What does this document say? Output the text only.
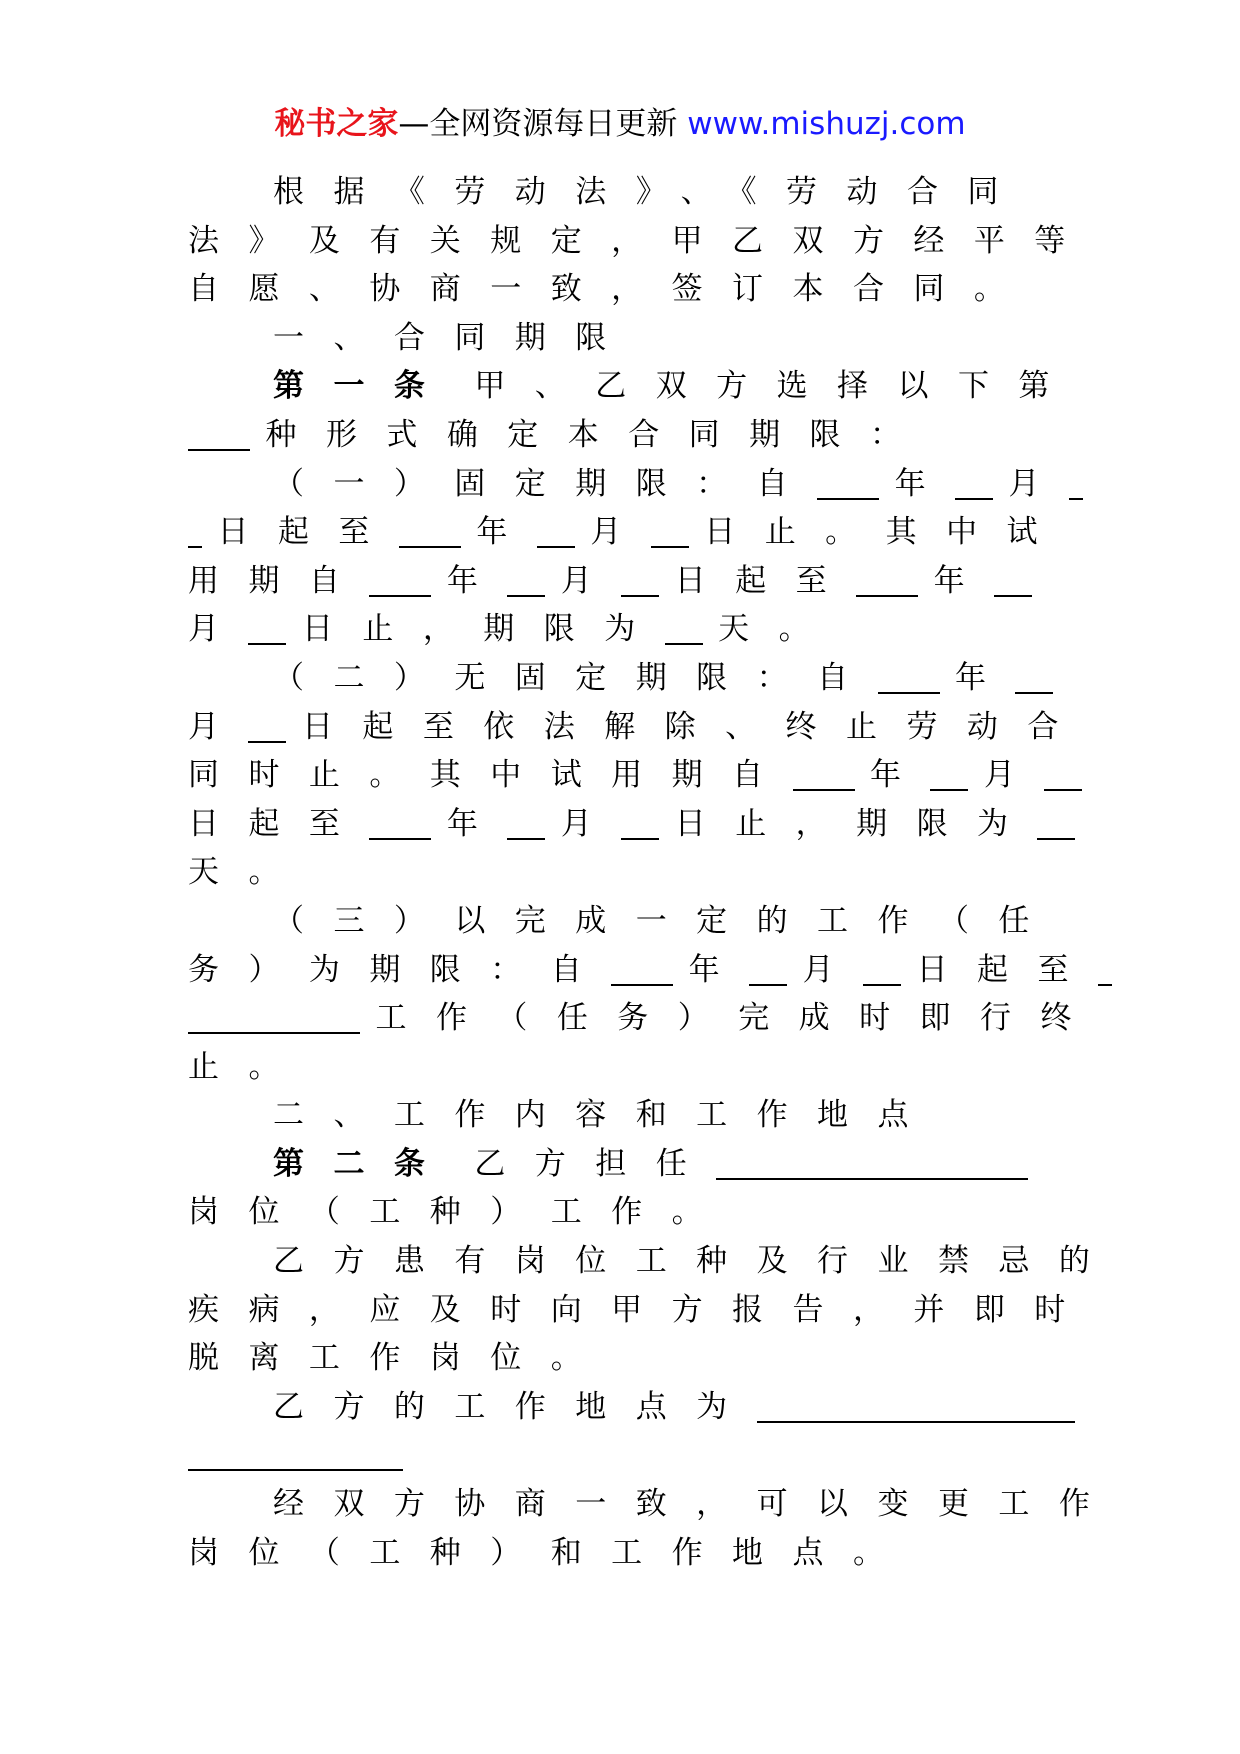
秘书之家—全网资源每日更新 www.mishuzj.com
根据《劳动法》、《劳动合同
法》及有关规定，甲乙双方经平等
自愿、协商一致，签订本合同。
一、合同期限
第一条 甲、乙双方选择以下第
种形式确定本合同期限：
（一）固定期限：自	年 月
日起至	年 月 日止。其中试
用期自	年 月 日起至	年
月 日止，期限为 天。
（二）无固定期限：自	年
月 日起至依法解除、终止劳动合
同时止。其中试用期自	年 月
日起至	年 月 日止，期限为
天。
（三）以完成一定的工作（任
务）为期限：自	年 月 日起至
工作（任务）完成时即行终
止。
二、工作内容和工作地点
第二条 乙方担任
岗位（工种）工作。
乙方患有岗位工种及行业禁忌的
疾病，应及时向甲方报告，并即时
脱离工作岗位。
乙方的工作地点为
经双方协商一致，可以变更工作
岗位（工种）和工作地点。
